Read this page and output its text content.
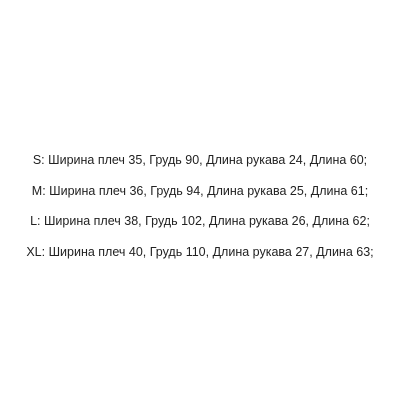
S: Ширина плеч 35, Грудь 90, Длина рукава 24, Длина 60;
M: Ширина плеч 36, Грудь 94, Длина рукава 25, Длина 61;
L: Ширина плеч 38, Грудь 102, Длина рукава 26, Длина 62;
XL: Ширина плеч 40, Грудь 110, Длина рукава 27, Длина 63;
